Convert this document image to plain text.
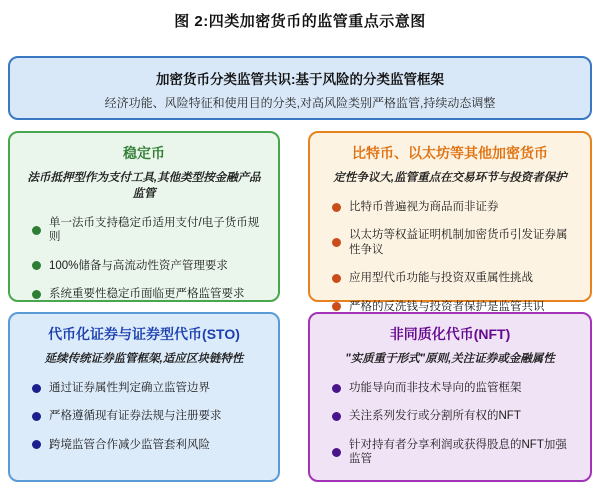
图 2:四类加密货币的监管重点示意图
加密货币分类监管共识:基于风险的分类监管框架
经济功能、风险特征和使用目的分类,对高风险类别严格监管,持续动态调整
稳定币
法币抵押型作为支付工具,其他类型按金融产品监管
单一法币支持稳定币适用支付/电子货币规则
100%储备与高流动性资产管理要求
系统重要性稳定币面临更严格监管要求
比特币、以太坊等其他加密货币
定性争议大,监管重点在交易环节与投资者保护
比特币普遍视为商品而非证券
以太坊等权益证明机制加密货币引发证券属性争议
应用型代币功能与投资双重属性挑战
严格的反洗钱与投资者保护是监管共识
代币化证券与证券型代币(STO)
延续传统证券监管框架,适应区块链特性
通过证券属性判定确立监管边界
严格遵循现有证券法规与注册要求
跨境监管合作减少监管套利风险
非同质化代币(NFT)
"实质重于形式"原则,关注证券或金融属性
功能导向而非技术导向的监管框架
关注系列发行或分割所有权的NFT
针对持有者分享利润或获得股息的NFT加强监管
